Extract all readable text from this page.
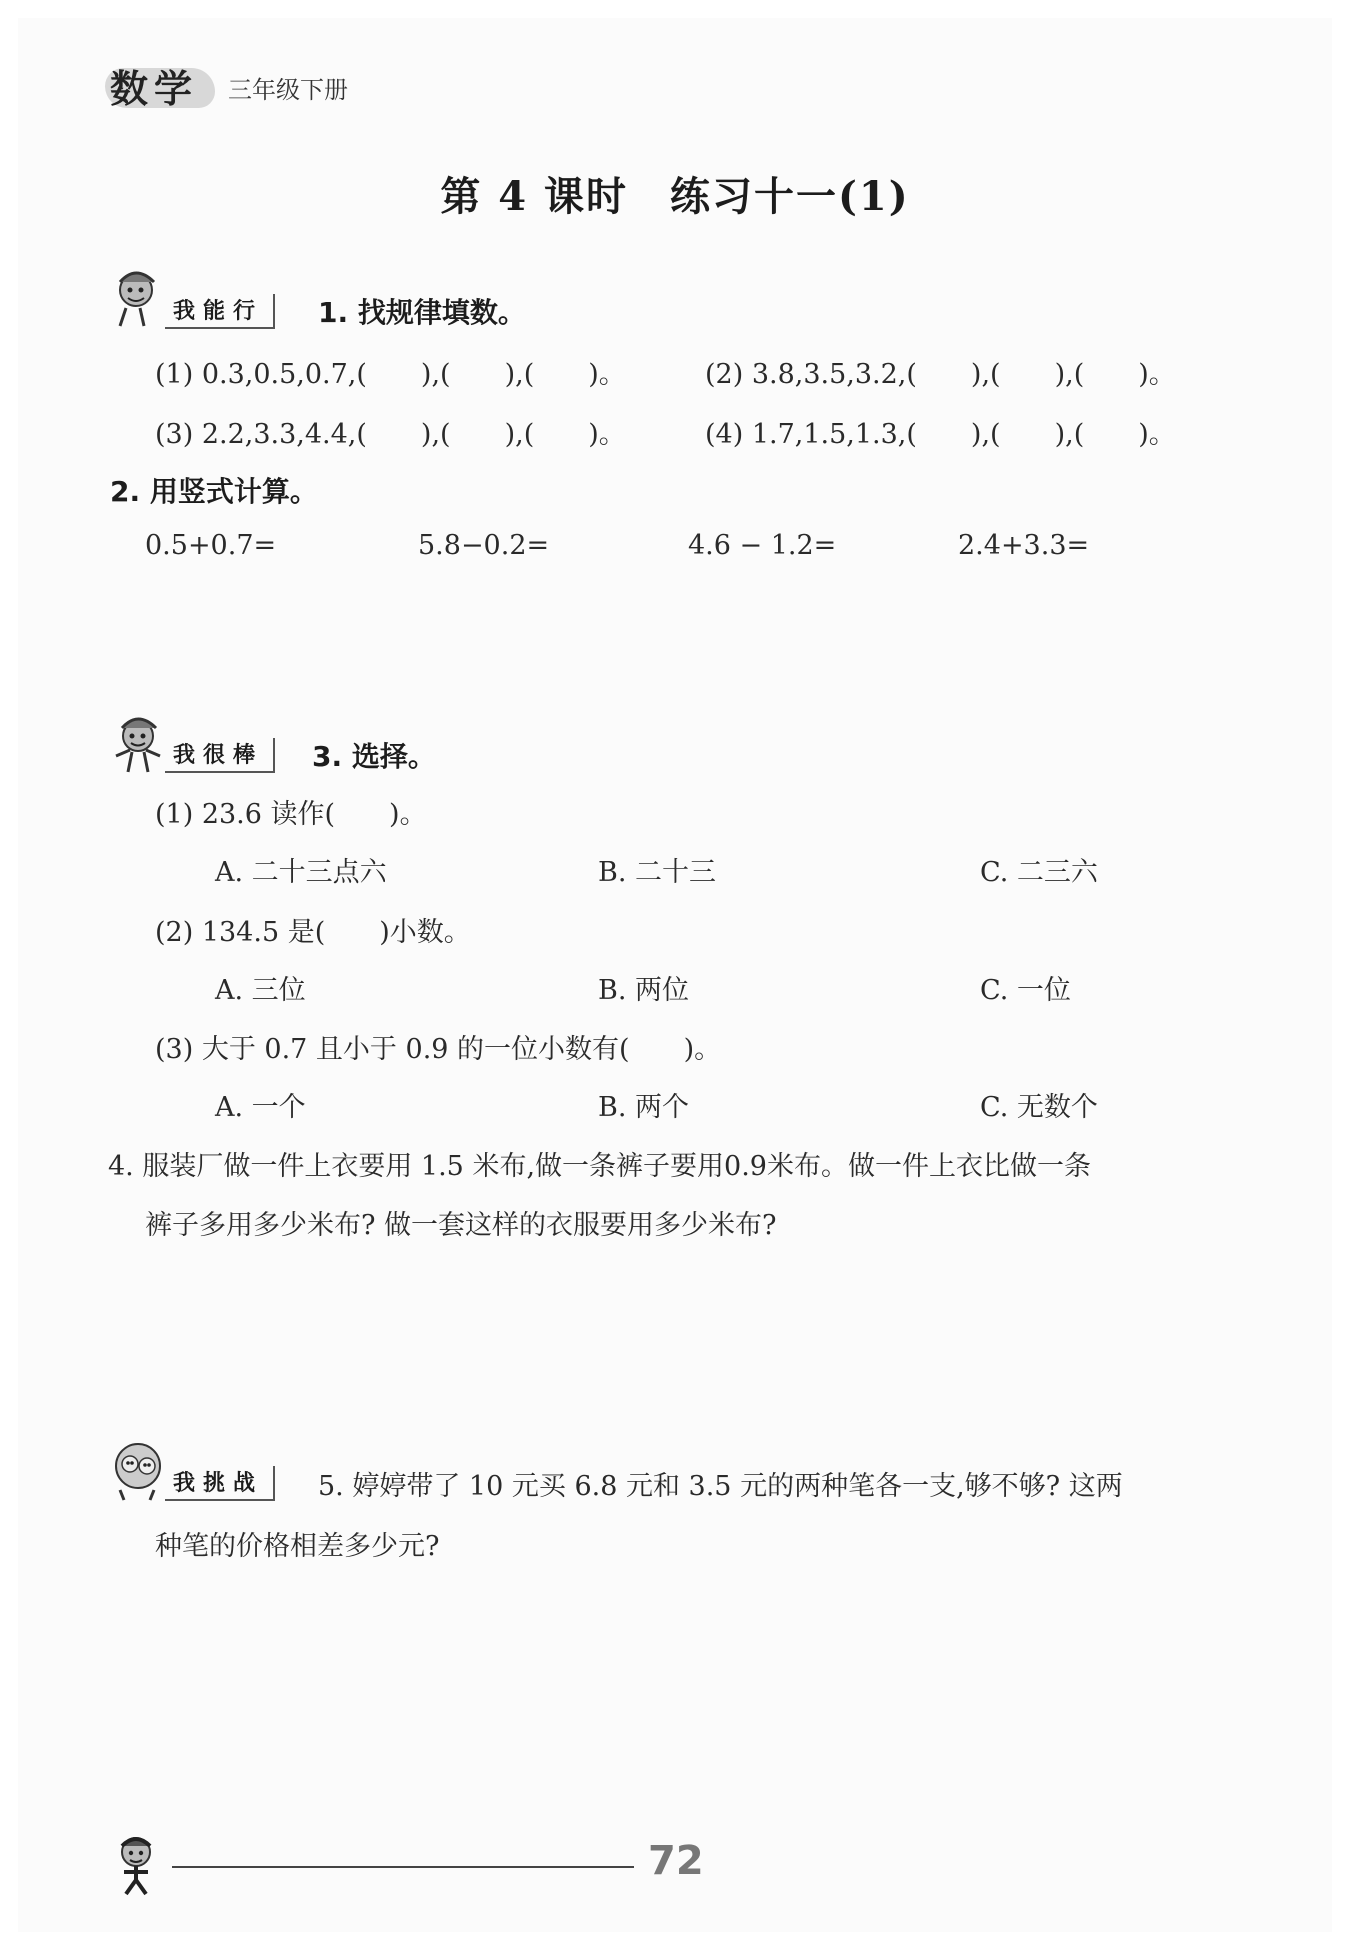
数学 三年级下册
第 4 课时　练习十一(1)
我能行	1. 找规律填数。
(1) 0.3,0.5,0.7,(　　),(　　),(　　)。	(2) 3.8,3.5,3.2,(　　),(　　),(　　)。
(3) 2.2,3.3,4.4,(　　),(　　),(　　)。	(4) 1.7,1.5,1.3,(　　),(　　),(　　)。
2. 用竖式计算。
0.5+0.7=	5.8−0.2=	4.6 − 1.2=	2.4+3.3=
我很棒	3. 选择。
(1) 23.6 读作(　　)。
A. 二十三点六	B. 二十三	C. 二三六
(2) 134.5 是(　　)小数。
A. 三位	B. 两位	C. 一位
(3) 大于 0.7 且小于 0.9 的一位小数有(　　)。
A. 一个	B. 两个	C. 无数个
4. 服装厂做一件上衣要用 1.5 米布,做一条裤子要用0.9米布。做一件上衣比做一条
裤子多用多少米布? 做一套这样的衣服要用多少米布?
我挑战	5. 婷婷带了 10 元买 6.8 元和 3.5 元的两种笔各一支,够不够? 这两
种笔的价格相差多少元?
72
